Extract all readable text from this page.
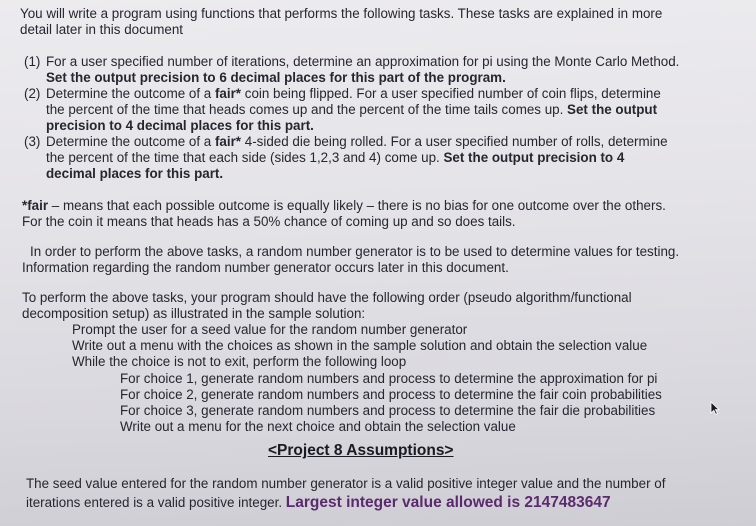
You will write a program using functions that performs the following tasks. These tasks are explained in more
detail later in this document
(1) For a user specified number of iterations, determine an approximation for pi using the Monte Carlo Method.
Set the output precision to 6 decimal places for this part of the program.
(2) Determine the outcome of a fair* coin being flipped. For a user specified number of coin flips, determine
the percent of the time that heads comes up and the percent of the time tails comes up. Set the output
precision to 4 decimal places for this part.
(3) Determine the outcome of a fair* 4-sided die being rolled. For a user specified number of rolls, determine
the percent of the time that each side (sides 1,2,3 and 4) come up. Set the output precision to 4
decimal places for this part.
*fair – means that each possible outcome is equally likely – there is no bias for one outcome over the others.
For the coin it means that heads has a 50% chance of coming up and so does tails.
In order to perform the above tasks, a random number generator is to be used to determine values for testing.
Information regarding the random number generator occurs later in this document.
To perform the above tasks, your program should have the following order (pseudo algorithm/functional
decomposition setup) as illustrated in the sample solution:
Prompt the user for a seed value for the random number generator
Write out a menu with the choices as shown in the sample solution and obtain the selection value
While the choice is not to exit, perform the following loop
For choice 1, generate random numbers and process to determine the approximation for pi
For choice 2, generate random numbers and process to determine the fair coin probabilities
For choice 3, generate random numbers and process to determine the fair die probabilities
Write out a menu for the next choice and obtain the selection value
<Project 8 Assumptions>
The seed value entered for the random number generator is a valid positive integer value and the number of
iterations entered is a valid positive integer. Largest integer value allowed is 2147483647
